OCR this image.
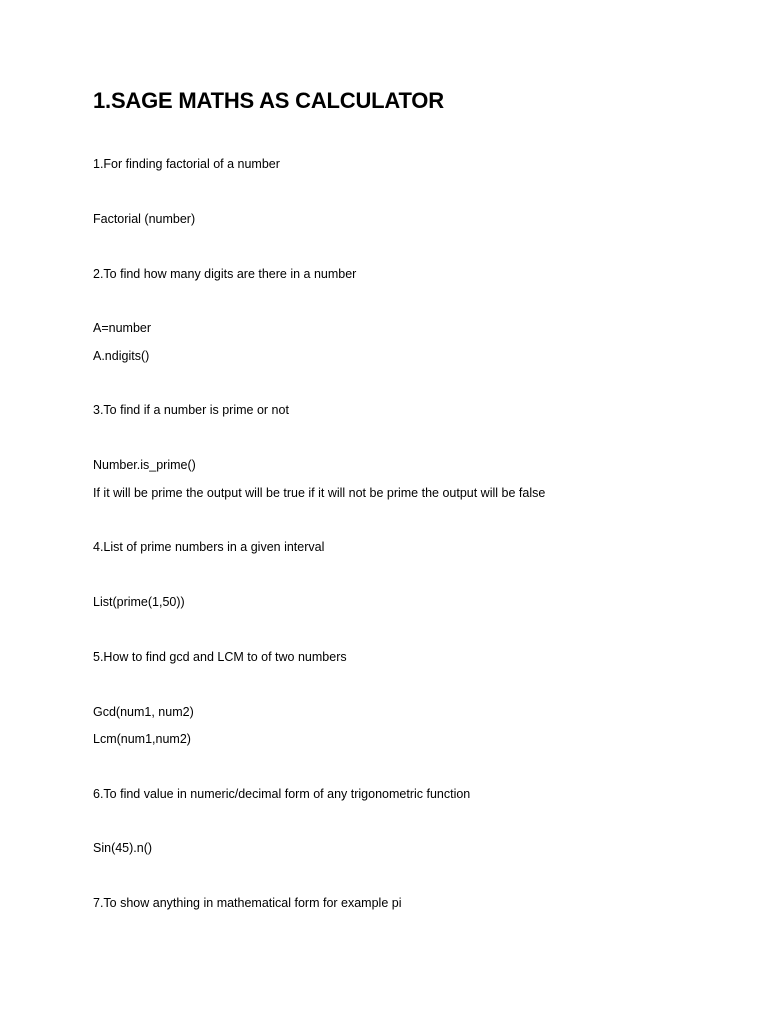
1.SAGE MATHS AS CALCULATOR

1.For finding factorial of a number

Factorial (number)

2.To find how many digits are there in a number

A=number

A.ndigits()

3.To find if a number is prime or not

Number.is_prime()

If it will be prime the output will be true if it will not be prime the output will be false

4.List of prime numbers in a given interval

List(prime(1,50))

5.How to find gcd and LCM to of two numbers

Gcd(num1, num2)

Lcm(num1,num2)

6.To find value in numeric/decimal form of any trigonometric function

Sin(45).n()

7.To show anything in mathematical form for example pi
